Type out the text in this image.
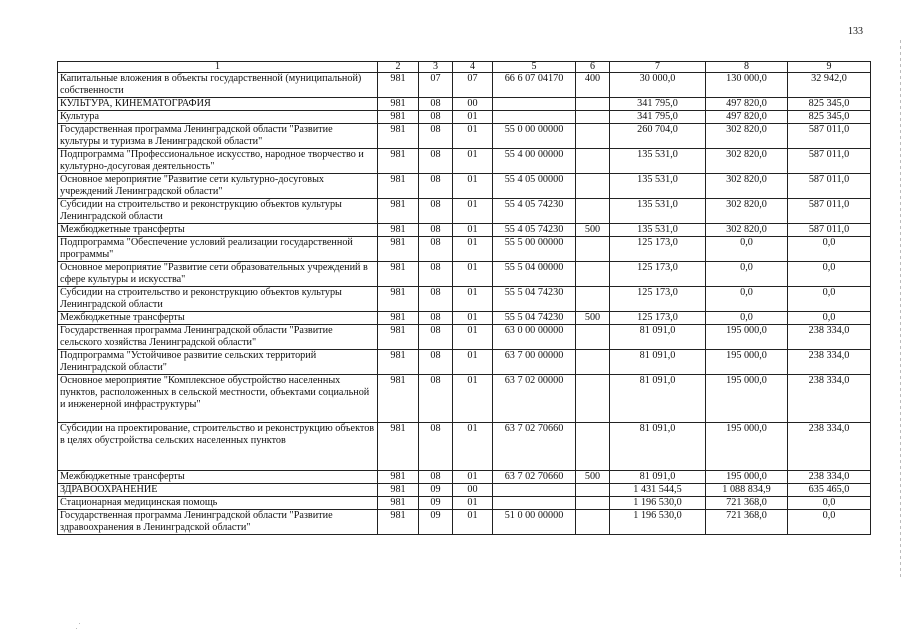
133
1	2	3	4	5	6	7	8	9
Капитальные вложения в объекты государственной (муниципальной) собственности	981	07	07	66 6 07 04170	400	30 000,0	130 000,0	32 942,0
КУЛЬТУРА, КИНЕМАТОГРАФИЯ	981	08	00			341 795,0	497 820,0	825 345,0
Культура	981	08	01			341 795,0	497 820,0	825 345,0
Государственная программа Ленинградской области "Развитие культуры и туризма в Ленинградской области"	981	08	01	55 0 00 00000		260 704,0	302 820,0	587 011,0
Подпрограмма "Профессиональное искусство, народное творчество и культурно-досуговая деятельность"	981	08	01	55 4 00 00000		135 531,0	302 820,0	587 011,0
Основное мероприятие "Развитие сети культурно-досуговых учреждений Ленинградской области"	981	08	01	55 4 05 00000		135 531,0	302 820,0	587 011,0
Субсидии на строительство и реконструкцию объектов культуры Ленинградской области	981	08	01	55 4 05 74230		135 531,0	302 820,0	587 011,0
Межбюджетные трансферты	981	08	01	55 4 05 74230	500	135 531,0	302 820,0	587 011,0
Подпрограмма "Обеспечение условий реализации государственной программы"	981	08	01	55 5 00 00000		125 173,0	0,0	0,0
Основное мероприятие "Развитие сети образовательных учреждений в сфере культуры и искусства"	981	08	01	55 5 04 00000		125 173,0	0,0	0,0
Субсидии на строительство и реконструкцию объектов культуры Ленинградской области	981	08	01	55 5 04 74230		125 173,0	0,0	0,0
Межбюджетные трансферты	981	08	01	55 5 04 74230	500	125 173,0	0,0	0,0
Государственная программа Ленинградской области "Развитие сельского хозяйства Ленинградской области"	981	08	01	63 0 00 00000		81 091,0	195 000,0	238 334,0
Подпрограмма "Устойчивое развитие сельских территорий Ленинградской области"	981	08	01	63 7 00 00000		81 091,0	195 000,0	238 334,0
Основное мероприятие "Комплексное обустройство населенных пунктов, расположенных в сельской местности, объектами социальной и инженерной инфраструктуры"	981	08	01	63 7 02 00000		81 091,0	195 000,0	238 334,0
Субсидии на проектирование, строительство и реконструкцию объектов в целях обустройства сельских населенных пунктов	981	08	01	63 7 02 70660		81 091,0	195 000,0	238 334,0
Межбюджетные трансферты	981	08	01	63 7 02 70660	500	81 091,0	195 000,0	238 334,0
ЗДРАВООХРАНЕНИЕ	981	09	00			1 431 544,5	1 088 834,9	635 465,0
Стационарная медицинская помощь	981	09	01			1 196 530,0	721 368,0	0,0
Государственная программа Ленинградской области "Развитие здравоохранения в Ленинградской области"	981	09	01	51 0 00 00000		1 196 530,0	721 368,0	0,0
